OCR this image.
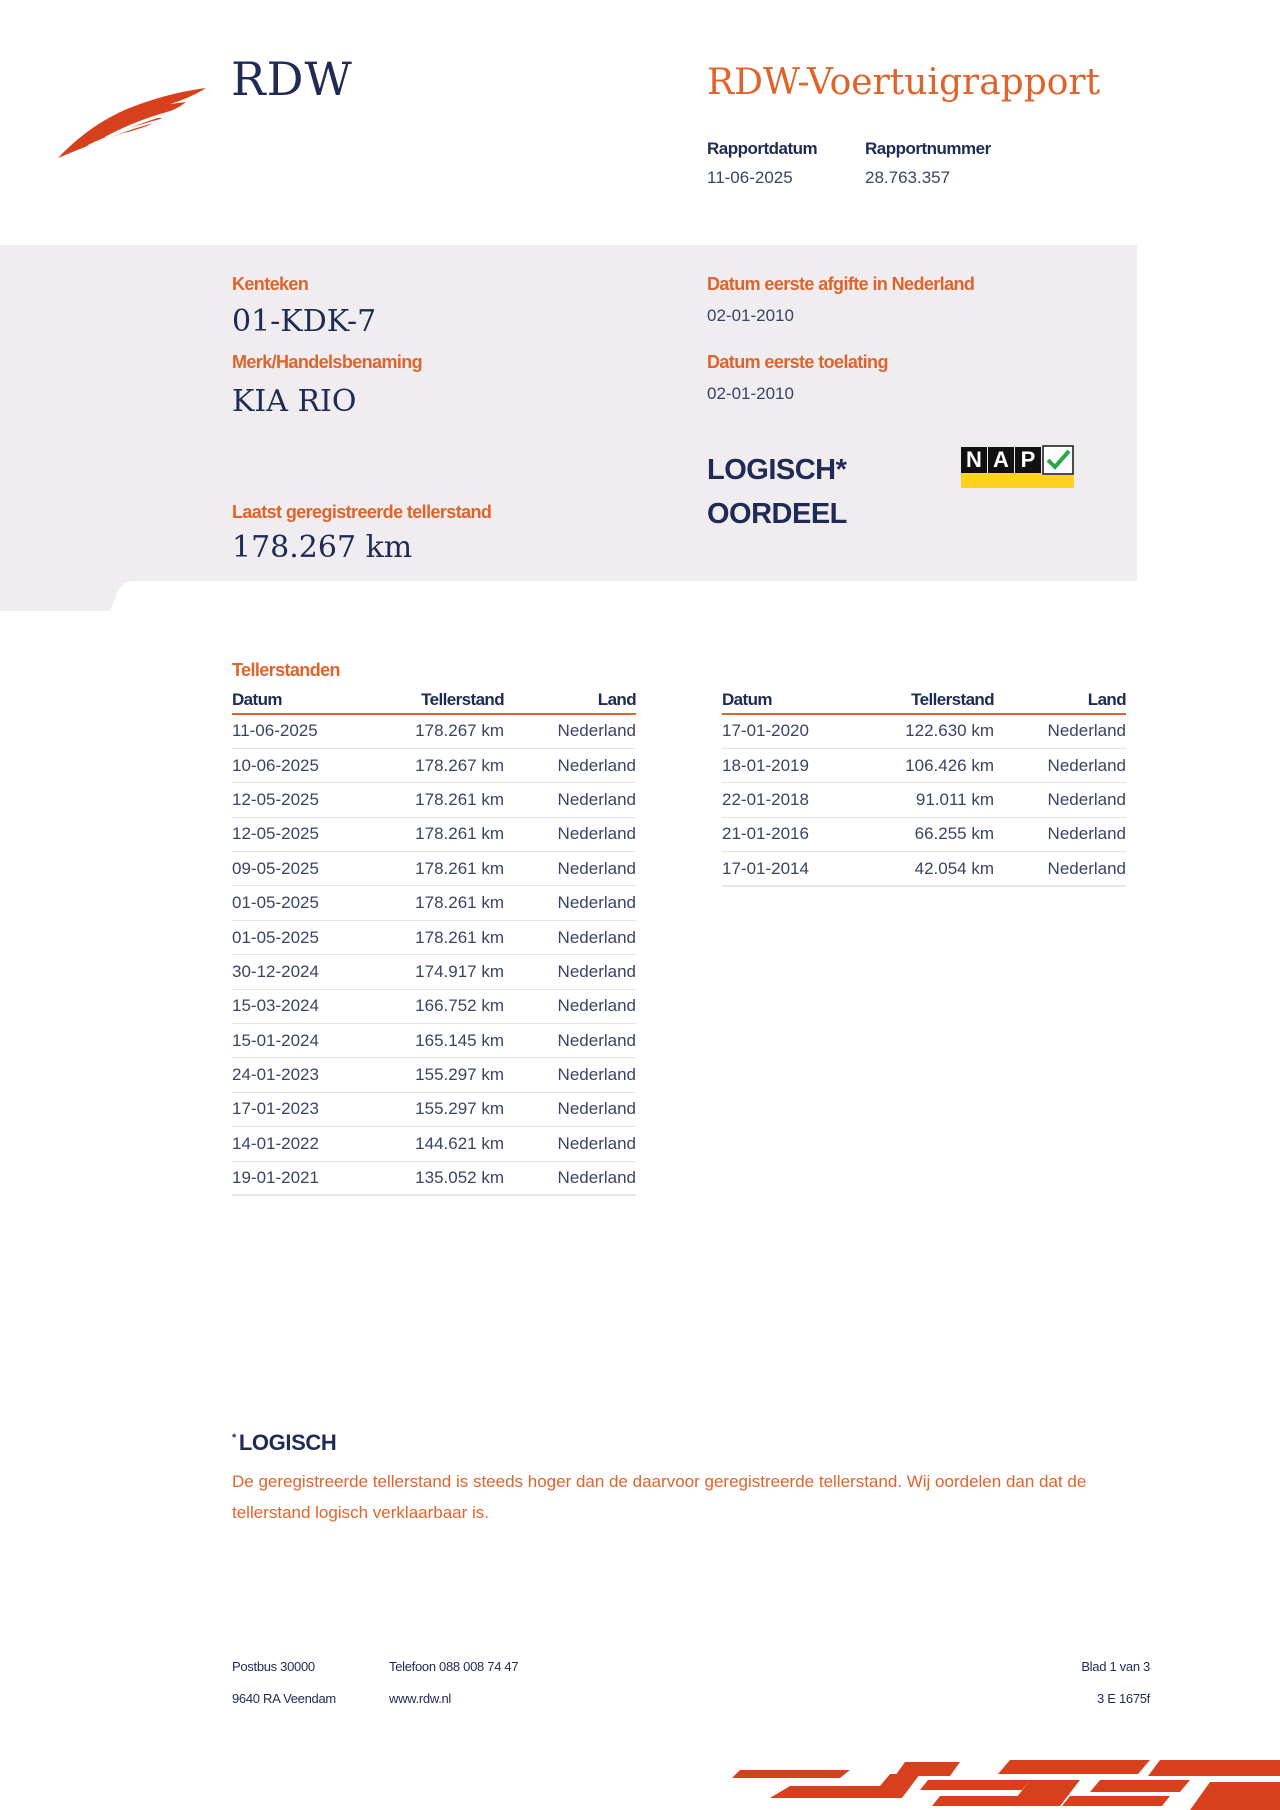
RDW	RDW-Voertuigrapport
Rapportdatum
11-06-2025
Rapportnummer
28.763.357
Kenteken
01-KDK-7
Merk/Handelsbenaming
KIA RIO
Laatst geregistreerde tellerstand
178.267 km
Datum eerste afgifte in Nederland
02-01-2010
Datum eerste toelating
02-01-2010
LOGISCH*
OORDEEL
N A P
Tellerstanden
Datum	Tellerstand	Land
11-06-2025	178.267 km	Nederland
10-06-2025	178.267 km	Nederland
12-05-2025	178.261 km	Nederland
12-05-2025	178.261 km	Nederland
09-05-2025	178.261 km	Nederland
01-05-2025	178.261 km	Nederland
01-05-2025	178.261 km	Nederland
30-12-2024	174.917 km	Nederland
15-03-2024	166.752 km	Nederland
15-01-2024	165.145 km	Nederland
24-01-2023	155.297 km	Nederland
17-01-2023	155.297 km	Nederland
14-01-2022	144.621 km	Nederland
19-01-2021	135.052 km	Nederland
Datum	Tellerstand	Land
17-01-2020	122.630 km	Nederland
18-01-2019	106.426 km	Nederland
22-01-2018	91.011 km	Nederland
21-01-2016	66.255 km	Nederland
17-01-2014	42.054 km	Nederland
* LOGISCH
De geregistreerde tellerstand is steeds hoger dan de daarvoor geregistreerde tellerstand. Wij oordelen dan dat de tellerstand logisch verklaarbaar is.
Postbus 30000
9640 RA Veendam
Telefoon 088 008 74 47
www.rdw.nl
Blad 1 van 3
3 E 1675f
